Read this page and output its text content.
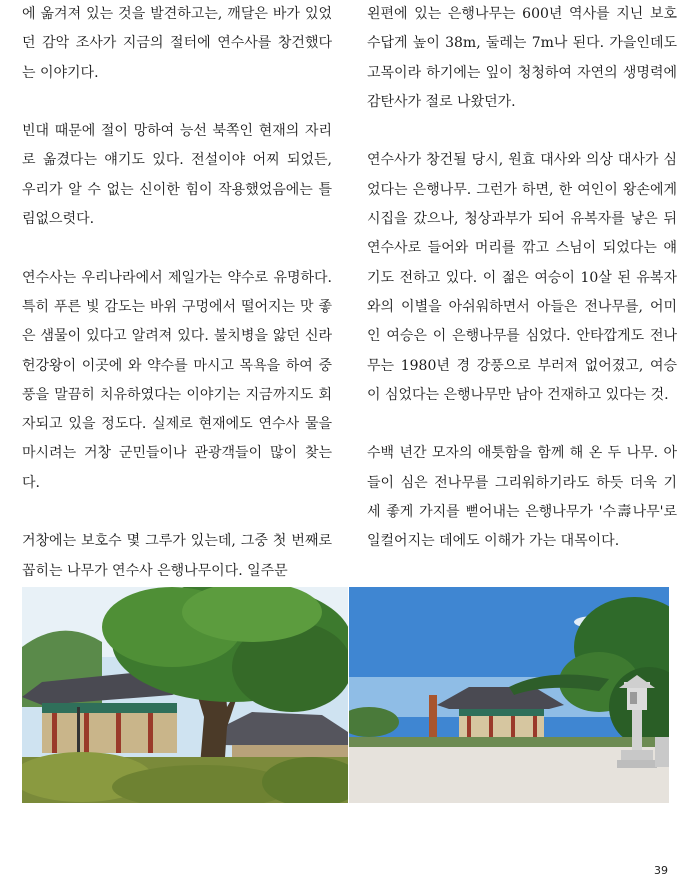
에 옮겨져 있는 것을 발견하고는, 깨달은 바가 있었던 감악 조사가 지금의 절터에 연수사를 창건했다는 이야기다.

빈대 때문에 절이 망하여 능선 북쪽인 현재의 자리로 옮겼다는 얘기도 있다. 전설이야 어찌 되었든, 우리가 알 수 없는 신이한 힘이 작용했었음에는 틀림없으렷다.

연수사는 우리나라에서 제일가는 약수로 유명하다. 특히 푸른 빛 감도는 바위 구멍에서 떨어지는 맛 좋은 샘물이 있다고 알려져 있다. 불치병을 앓던 신라 헌강왕이 이곳에 와 약수를 마시고 목욕을 하여 중풍을 말끔히 치유하였다는 이야기는 지금까지도 회자되고 있을 정도다. 실제로 현재에도 연수사 물을 마시려는 거창 군민들이나 관광객들이 많이 찾는다.

거창에는 보호수 몇 그루가 있는데, 그중 첫 번째로 꼽히는 나무가 연수사 은행나무이다. 일주문

왼편에 있는 은행나무는 600년 역사를 지닌 보호수답게 높이 38m, 둘레는 7m나 된다. 가을인데도 고목이라 하기에는 잎이 청청하여 자연의 생명력에 감탄사가 절로 나왔던가.

연수사가 창건될 당시, 원효 대사와 의상 대사가 심었다는 은행나무. 그런가 하면, 한 여인이 왕손에게 시집을 갔으나, 청상과부가 되어 유복자를 낳은 뒤 연수사로 들어와 머리를 깎고 스님이 되었다는 얘기도 전하고 있다. 이 젊은 여승이 10살 된 유복자와의 이별을 아쉬워하면서 아들은 전나무를, 어미인 여승은 이 은행나무를 심었다. 안타깝게도 전나무는 1980년 경 강풍으로 부러져 없어졌고, 여승이 심었다는 은행나무만 남아 건재하고 있다는 것.

수백 년간 모자의 애틋함을 함께 해 온 두 나무. 아들이 심은 전나무를 그리워하기라도 하듯 더욱 기세 좋게 가지를 뻗어내는 은행나무가 '수壽나무'로 일컬어지는 데에도 이해가 가는 대목이다.

39
